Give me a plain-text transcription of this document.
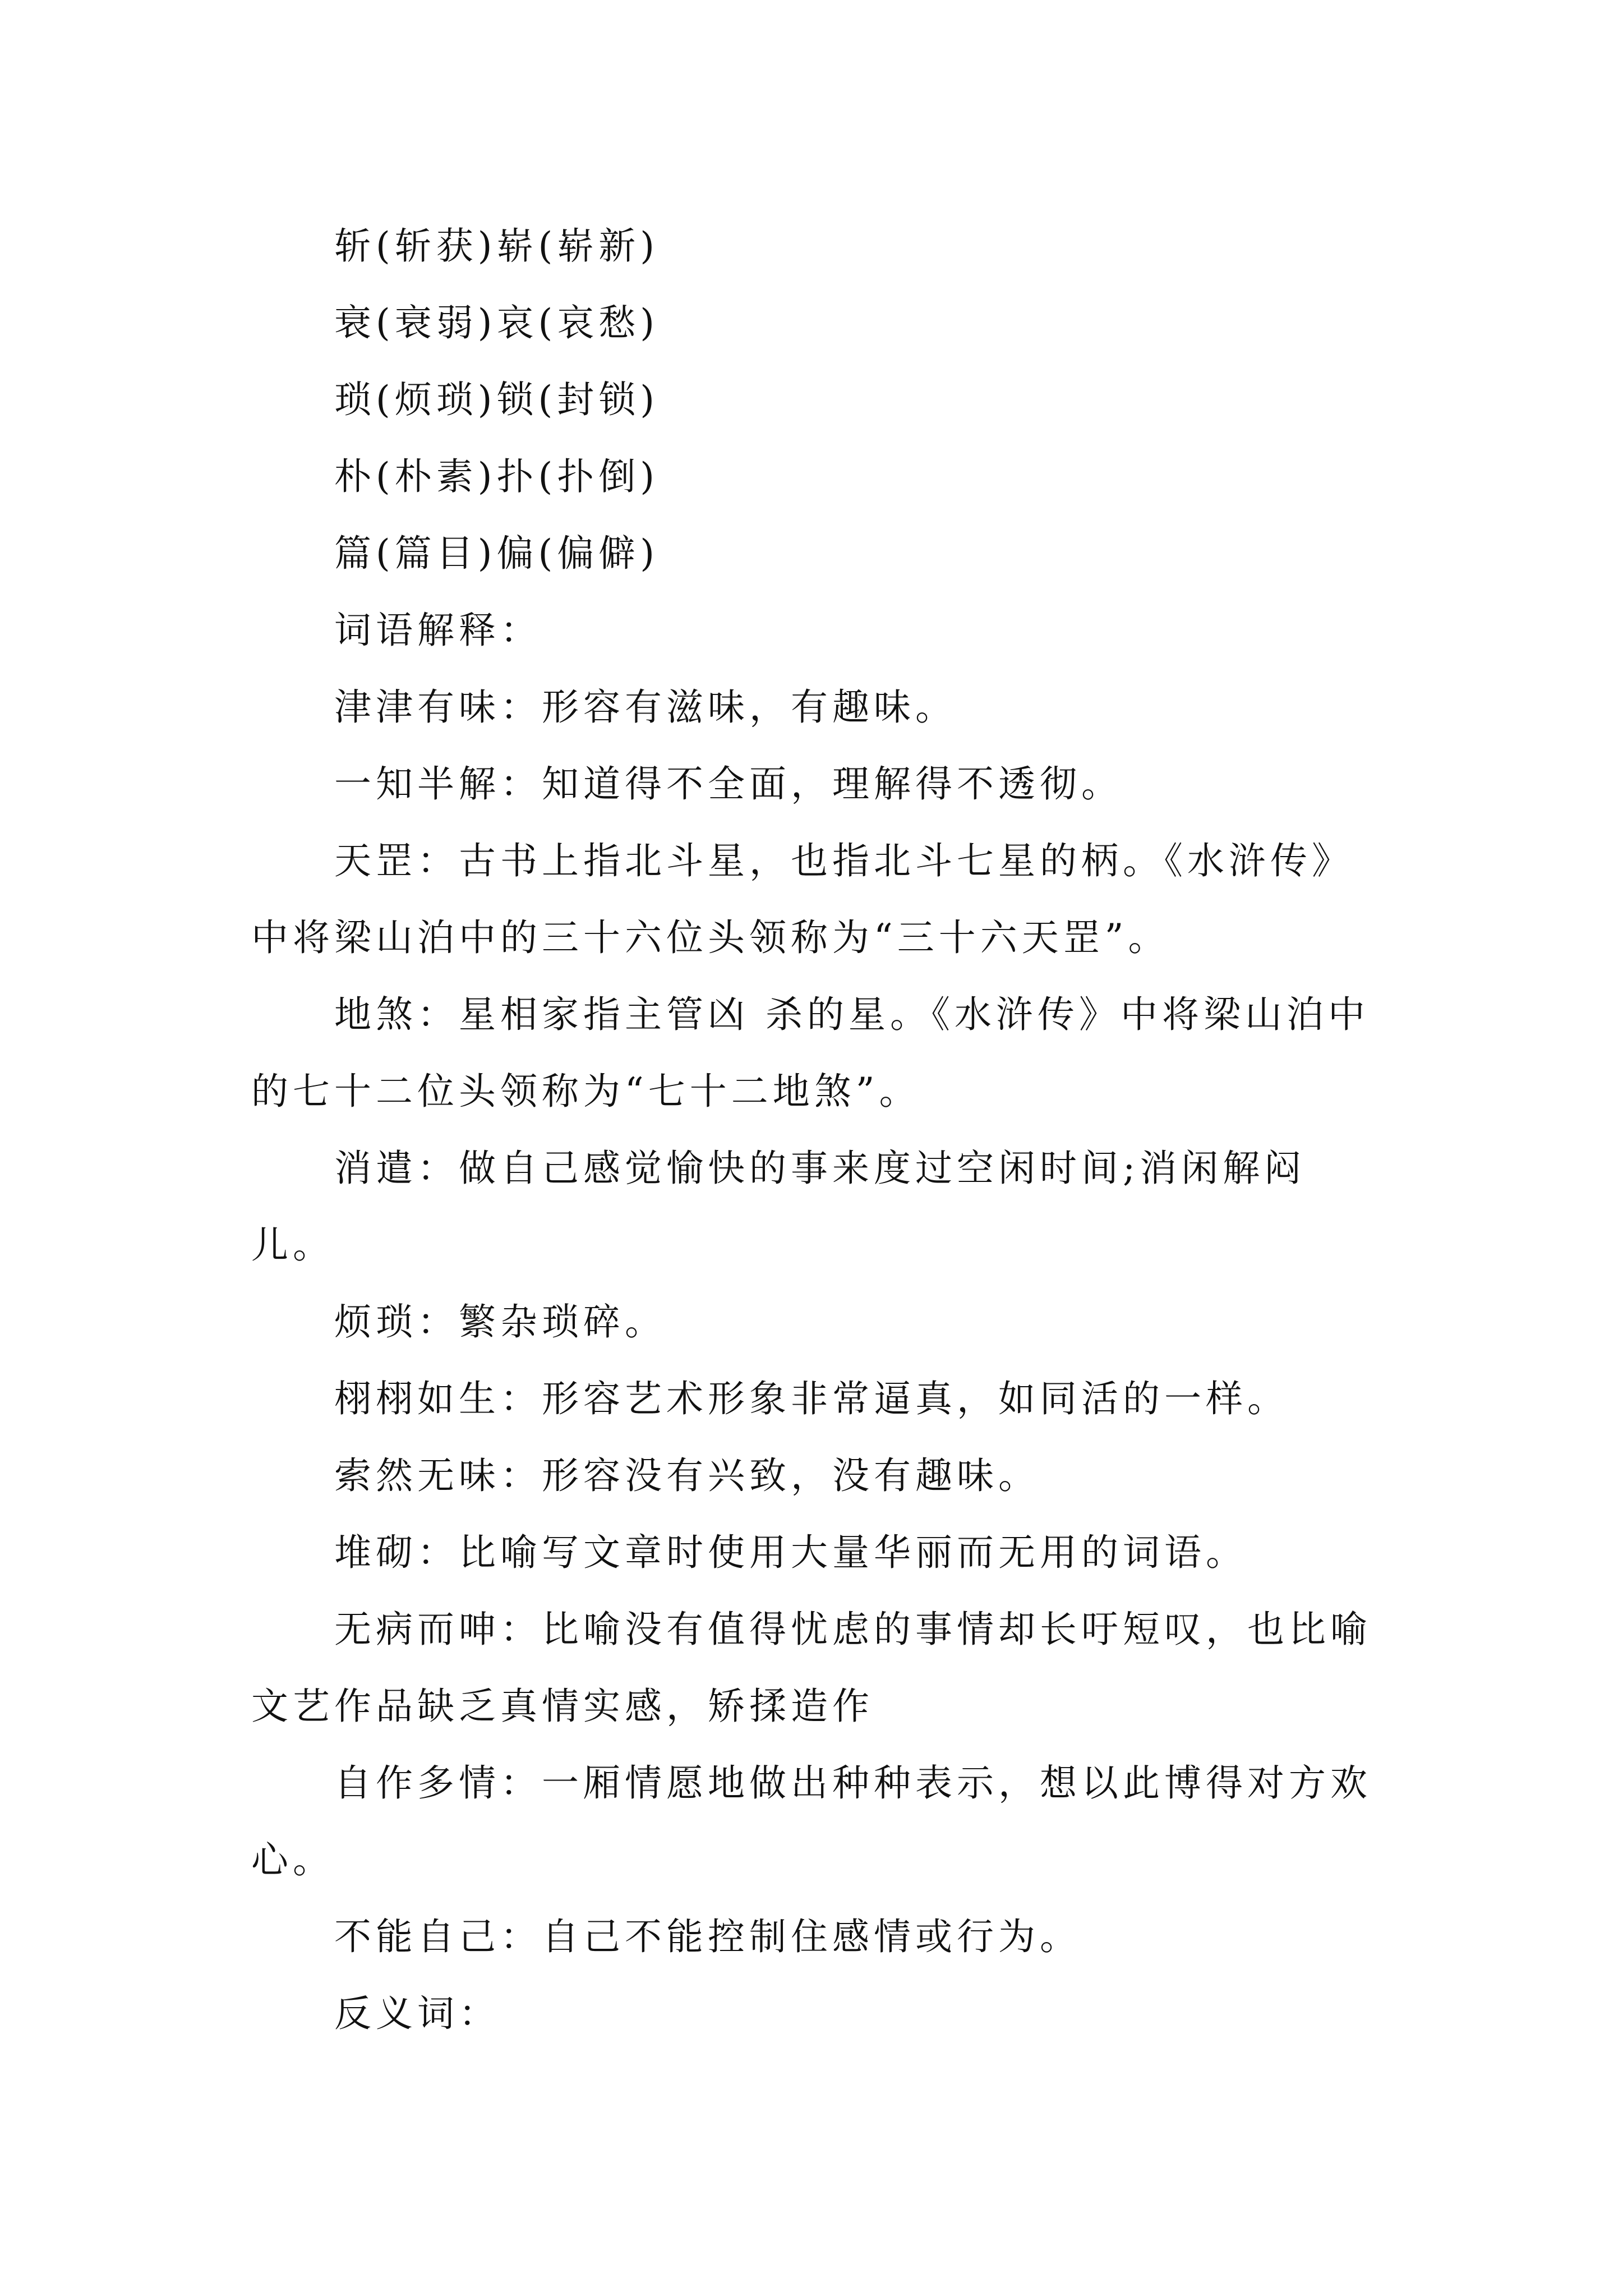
斩(斩获)崭(崭新)

衰(衰弱)哀(哀愁)

琐(烦琐)锁(封锁)

朴(朴素)扑(扑倒)

篇(篇目)偏(偏僻)

词语解释：

津津有味：形容有滋味，有趣味。

一知半解：知道得不全面，理解得不透彻。

天罡：古书上指北斗星，也指北斗七星的柄。《水浒传》中将梁山泊中的三十六位头领称为“三十六天罡”。

地煞：星相家指主管凶 杀的星。《水浒传》中将梁山泊中的七十二位头领称为“七十二地煞”。

消遣：做自己感觉愉快的事来度过空闲时间;消闲解闷儿。

烦琐：繁杂琐碎。

栩栩如生：形容艺术形象非常逼真，如同活的一样。

索然无味：形容没有兴致，没有趣味。

堆砌：比喻写文章时使用大量华丽而无用的词语。

无病而呻：比喻没有值得忧虑的事情却长吁短叹，也比喻文艺作品缺乏真情实感，矫揉造作

自作多情：一厢情愿地做出种种表示，想以此博得对方欢心。

不能自己：自己不能控制住感情或行为。

反义词：
